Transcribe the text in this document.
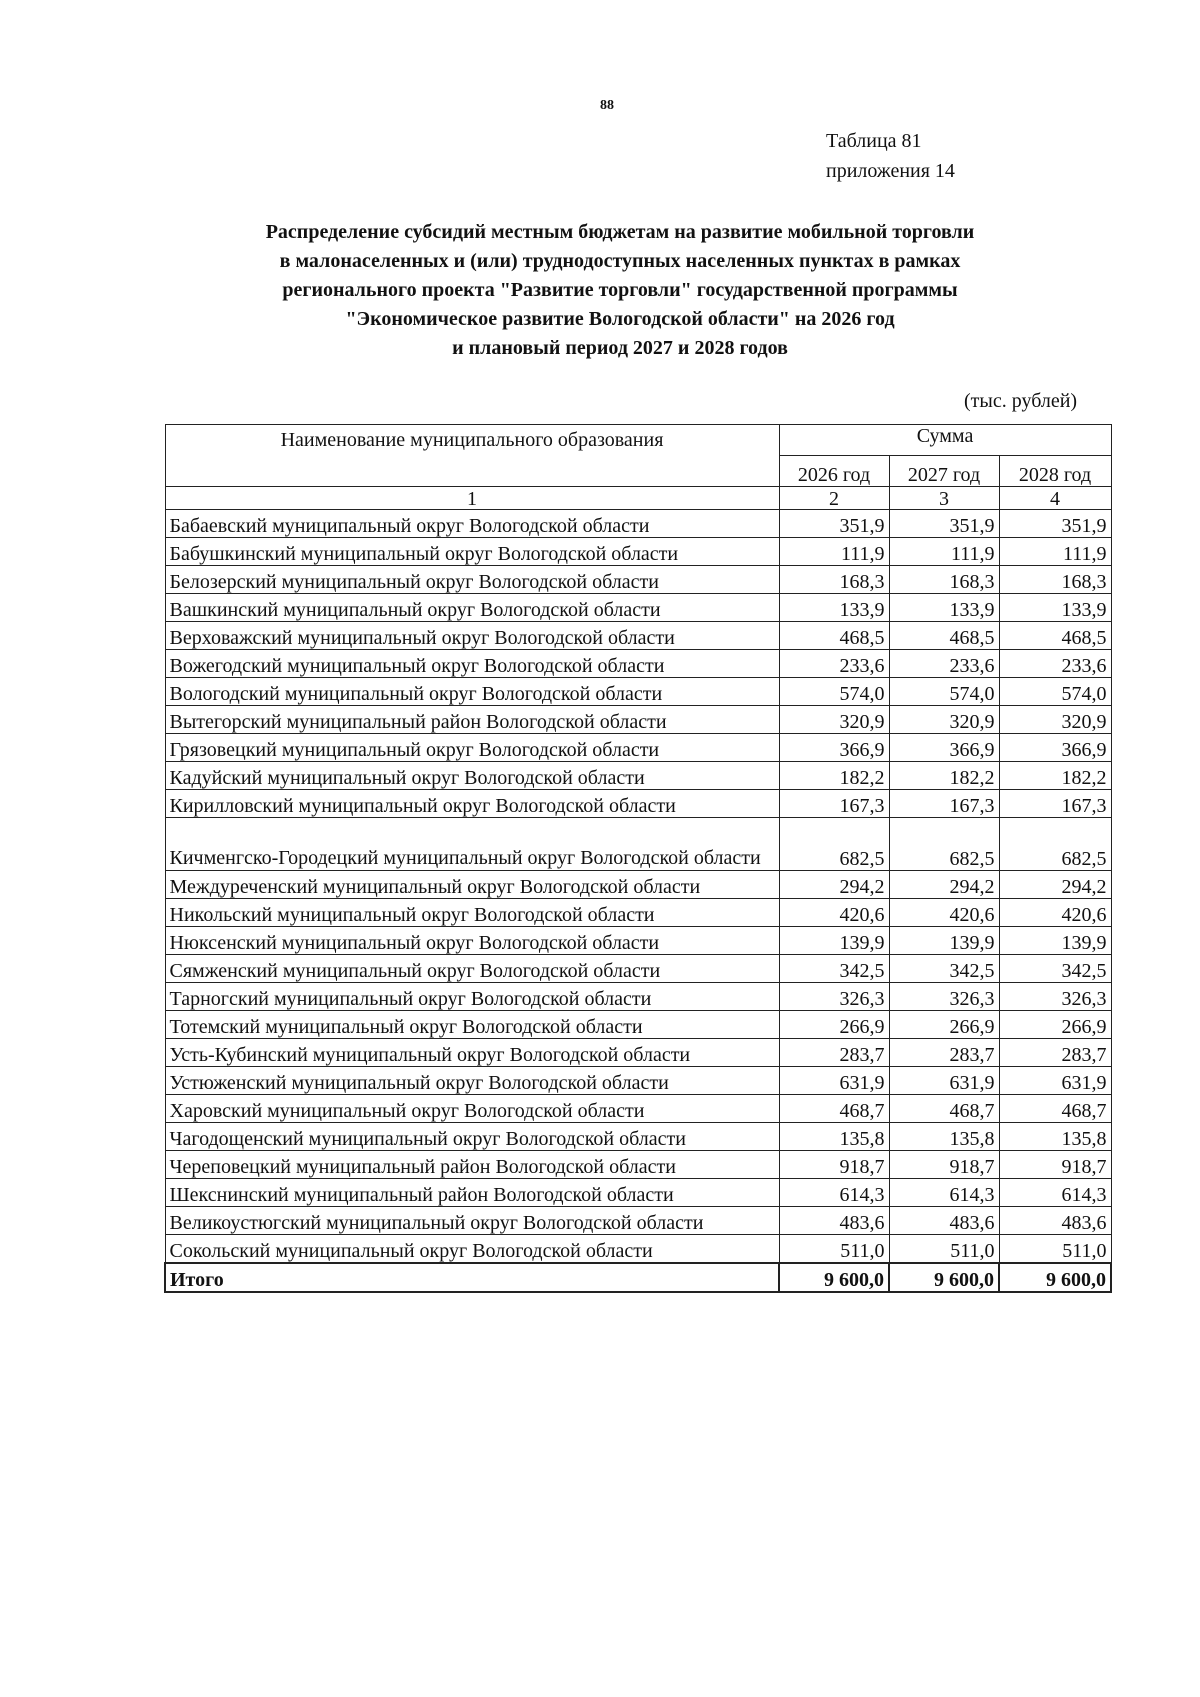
88
Таблица 81
приложения 14
Распределение субсидий местным бюджетам на развитие мобильной торговли
в малонаселенных и (или) труднодоступных населенных пунктах в рамках
регионального проекта "Развитие торговли" государственной программы
"Экономическое развитие Вологодской области" на 2026 год
и плановый период 2027 и 2028 годов
(тыс. рублей)
Наименование муниципального образования	Сумма		
	2026 год	2027 год	2028 год
1	2	3	4
Бабаевский муниципальный округ Вологодской области	351,9	351,9	351,9
Бабушкинский муниципальный округ Вологодской области	111,9	111,9	111,9
Белозерский муниципальный округ Вологодской области	168,3	168,3	168,3
Вашкинский муниципальный округ Вологодской области	133,9	133,9	133,9
Верховажский муниципальный округ Вологодской области	468,5	468,5	468,5
Вожегодский муниципальный округ Вологодской области	233,6	233,6	233,6
Вологодский муниципальный округ Вологодской области	574,0	574,0	574,0
Вытегорский муниципальный район Вологодской области	320,9	320,9	320,9
Грязовецкий муниципальный округ Вологодской области	366,9	366,9	366,9
Кадуйский муниципальный округ Вологодской области	182,2	182,2	182,2
Кирилловский муниципальный округ Вологодской области	167,3	167,3	167,3
Кичменгско-Городецкий муниципальный округ Вологодской области	682,5	682,5	682,5
Междуреченский муниципальный округ Вологодской области	294,2	294,2	294,2
Никольский муниципальный округ Вологодской области	420,6	420,6	420,6
Нюксенский муниципальный округ Вологодской области	139,9	139,9	139,9
Сямженский муниципальный округ Вологодской области	342,5	342,5	342,5
Тарногский муниципальный округ Вологодской области	326,3	326,3	326,3
Тотемский муниципальный округ Вологодской области	266,9	266,9	266,9
Усть-Кубинский муниципальный округ Вологодской области	283,7	283,7	283,7
Устюженский муниципальный округ Вологодской области	631,9	631,9	631,9
Харовский муниципальный округ Вологодской области	468,7	468,7	468,7
Чагодощенский муниципальный округ Вологодской области	135,8	135,8	135,8
Череповецкий муниципальный район Вологодской области	918,7	918,7	918,7
Шекснинский муниципальный район Вологодской области	614,3	614,3	614,3
Великоустюгский муниципальный округ Вологодской области	483,6	483,6	483,6
Сокольский муниципальный округ Вологодской области	511,0	511,0	511,0
Итого	9 600,0	9 600,0	9 600,0
